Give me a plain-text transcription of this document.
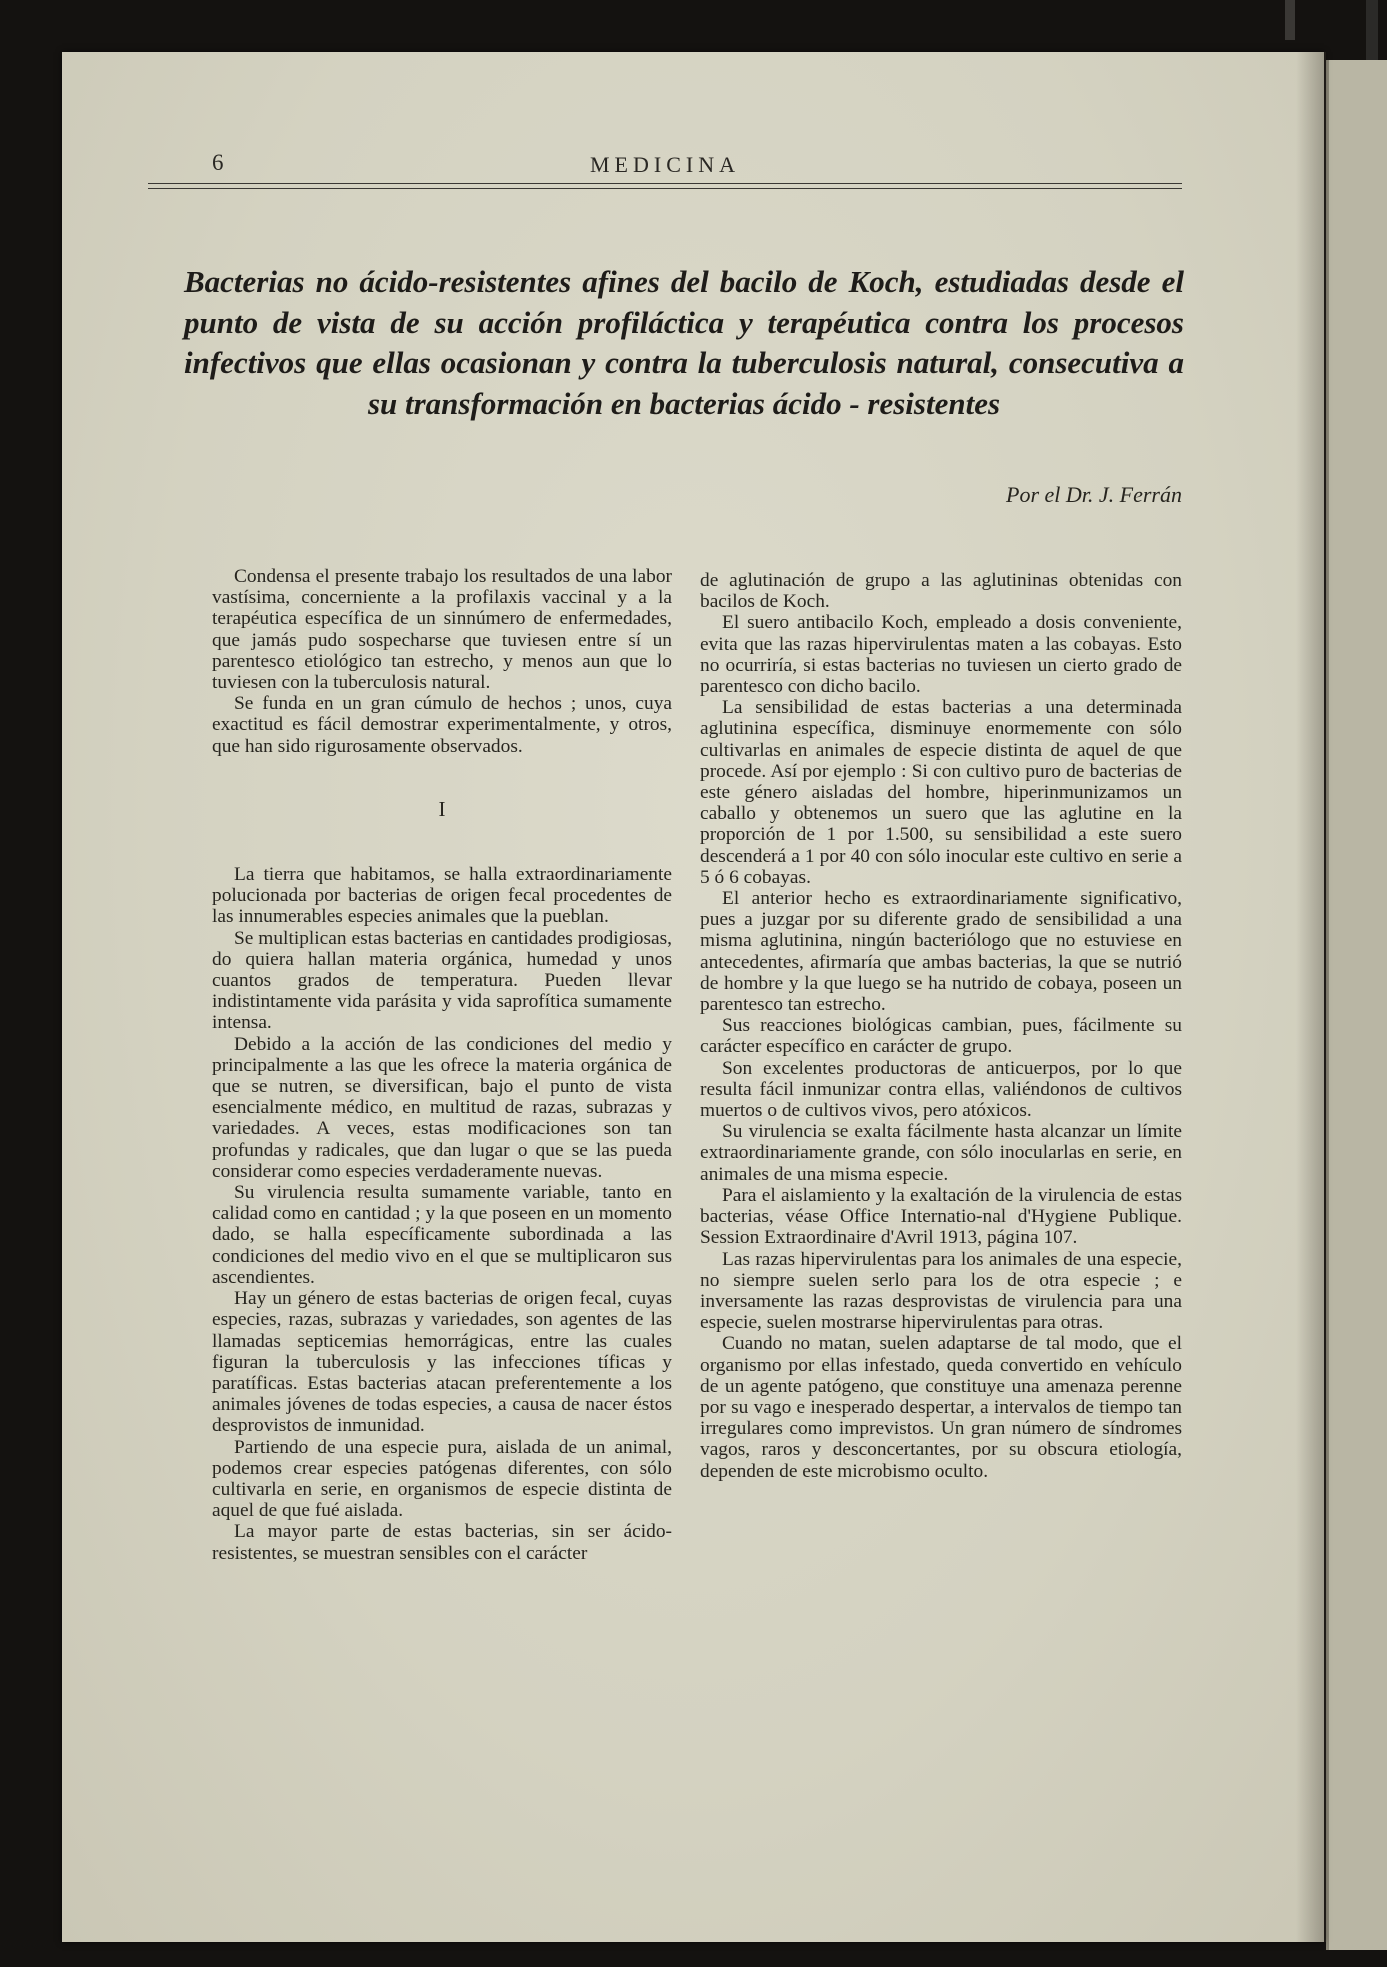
6	MEDICINA
Bacterias no ácido-resistentes afines del bacilo de Koch, estudiadas desde el punto de vista de su acción profiláctica y terapéutica contra los procesos infectivos que ellas ocasionan y contra la tuberculosis natural, consecutiva a su transformación en bacterias ácido - resistentes
Por el Dr. J. Ferrán

Condensa el presente trabajo los resultados de una labor vastísima, concerniente a la profilaxis vaccinal y a la terapéutica específica de un sinnúmero de enfermedades, que jamás pudo sospecharse que tuviesen entre sí un parentesco etiológico tan estrecho, y menos aun que lo tuviesen con la tuberculosis natural.

Se funda en un gran cúmulo de hechos ; unos, cuya exactitud es fácil demostrar experimentalmente, y otros, que han sido rigurosamente observados.

I

La tierra que habitamos, se halla extraordinariamente polucionada por bacterias de origen fecal procedentes de las innumerables especies animales que la pueblan.

Se multiplican estas bacterias en cantidades prodigiosas, do quiera hallan materia orgánica, humedad y unos cuantos grados de temperatura. Pueden llevar indistintamente vida parásita y vida saprofítica sumamente intensa.

Debido a la acción de las condiciones del medio y principalmente a las que les ofrece la materia orgánica de que se nutren, se diversifican, bajo el punto de vista esencialmente médico, en multitud de razas, subrazas y variedades. A veces, estas modificaciones son tan profundas y radicales, que dan lugar o que se las pueda considerar como especies verdaderamente nuevas.

Su virulencia resulta sumamente variable, tanto en calidad como en cantidad ; y la que poseen en un momento dado, se halla específicamente subordinada a las condiciones del medio vivo en el que se multiplicaron sus ascendientes.

Hay un género de estas bacterias de origen fecal, cuyas especies, razas, subrazas y variedades, son agentes de las llamadas septicemias hemorrágicas, entre las cuales figuran la tuberculosis y las infecciones tíficas y paratíficas. Estas bacterias atacan preferentemente a los animales jóvenes de todas especies, a causa de nacer éstos desprovistos de inmunidad.

Partiendo de una especie pura, aislada de un animal, podemos crear especies patógenas diferentes, con sólo cultivarla en serie, en organismos de especie distinta de aquel de que fué aislada.

La mayor parte de estas bacterias, sin ser ácido-resistentes, se muestran sensibles con el carácter

de aglutinación de grupo a las aglutininas obtenidas con bacilos de Koch.

El suero antibacilo Koch, empleado a dosis conveniente, evita que las razas hipervirulentas maten a las cobayas. Esto no ocurriría, si estas bacterias no tuviesen un cierto grado de parentesco con dicho bacilo.

La sensibilidad de estas bacterias a una determinada aglutinina específica, disminuye enormemente con sólo cultivarlas en animales de especie distinta de aquel de que procede. Así por ejemplo : Si con cultivo puro de bacterias de este género aisladas del hombre, hiperinmunizamos un caballo y obtenemos un suero que las aglutine en la proporción de 1 por 1.500, su sensibilidad a este suero descenderá a 1 por 40 con sólo inocular este cultivo en serie a 5 ó 6 cobayas.

El anterior hecho es extraordinariamente significativo, pues a juzgar por su diferente grado de sensibilidad a una misma aglutinina, ningún bacteriólogo que no estuviese en antecedentes, afirmaría que ambas bacterias, la que se nutrió de hombre y la que luego se ha nutrido de cobaya, poseen un parentesco tan estrecho.

Sus reacciones biológicas cambian, pues, fácilmente su carácter específico en carácter de grupo.

Son excelentes productoras de anticuerpos, por lo que resulta fácil inmunizar contra ellas, valiéndonos de cultivos muertos o de cultivos vivos, pero atóxicos.

Su virulencia se exalta fácilmente hasta alcanzar un límite extraordinariamente grande, con sólo inocularlas en serie, en animales de una misma especie.

Para el aislamiento y la exaltación de la virulencia de estas bacterias, véase Office Internatio-nal d'Hygiene Publique. Session Extraordinaire d'Avril 1913, página 107.

Las razas hipervirulentas para los animales de una especie, no siempre suelen serlo para los de otra especie ; e inversamente las razas desprovistas de virulencia para una especie, suelen mostrarse hipervirulentas para otras.

Cuando no matan, suelen adaptarse de tal modo, que el organismo por ellas infestado, queda convertido en vehículo de un agente patógeno, que constituye una amenaza perenne por su vago e inesperado despertar, a intervalos de tiempo tan irregulares como imprevistos. Un gran número de síndromes vagos, raros y desconcertantes, por su obscura etiología, dependen de este microbismo oculto.
